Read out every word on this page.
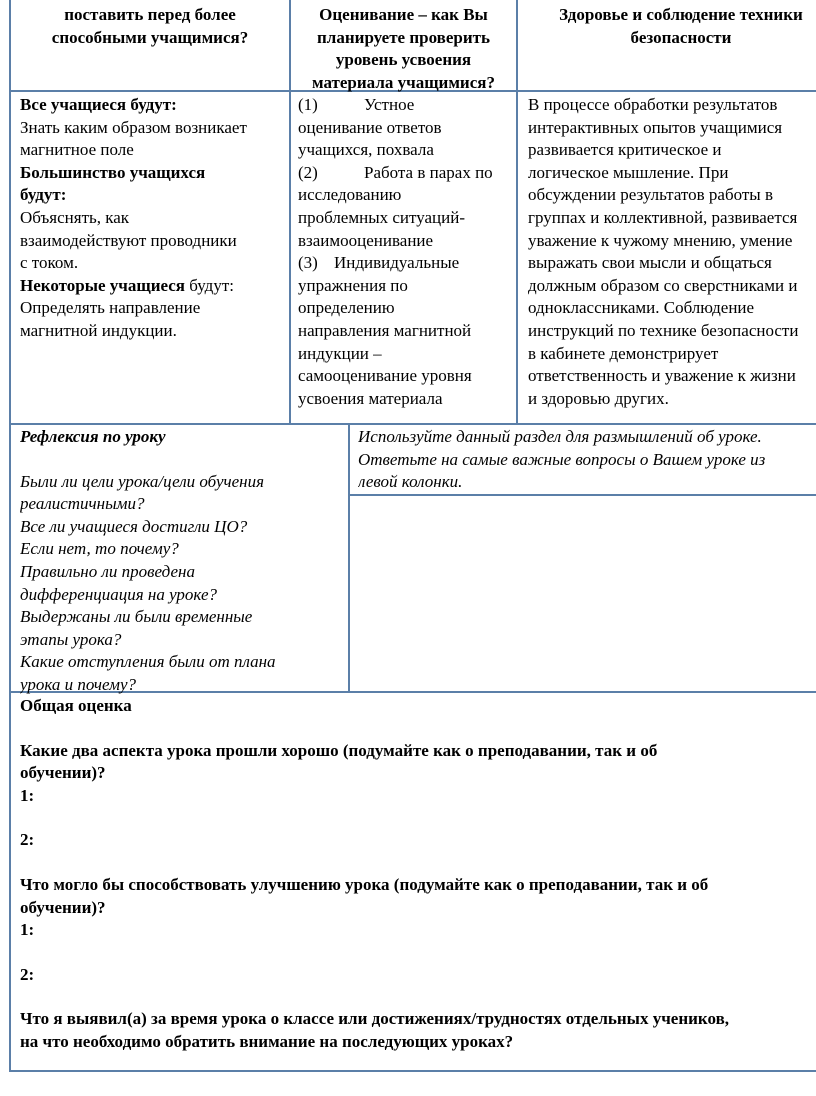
поставить перед более
способными учащимися?
Оценивание – как Вы
планируете проверить
уровень усвоения
материала учащимися?
Здоровье и соблюдение техники
безопасности
Все учащиеся будут:
Знать каким образом возникает
магнитное поле
Большинство учащихся
будут:
Объяснять, как
взаимодействуют проводники
с током.
Некоторые учащиеся будут:
Определять направление
магнитной индукции.
(1)	Устное
оценивание ответов
учащихся, похвала
(2)	Работа в парах по
исследованию
проблемных ситуаций-
взаимооценивание
(3) Индивидуальные
упражнения по
определению
направления магнитной
индукции –
самооценивание уровня
усвоения материала
В процессе обработки результатов
интерактивных опытов учащимися
развивается критическое и
логическое мышление. При
обсуждении результатов работы в
группах и коллективной, развивается
уважение к чужому мнению, умение
выражать свои мысли и общаться
должным образом со сверстниками и
одноклассниками. Соблюдение
инструкций по технике безопасности
в кабинете демонстрирует
ответственность и уважение к жизни
и здоровью других.
Рефлексия по уроку
Были ли цели урока/цели обучения
реалистичными?
Все ли учащиеся достигли ЦО?
Если нет, то почему?
Правильно ли проведена
дифференциация на уроке?
Выдержаны ли были временные
этапы урока?
Какие отступления были от плана
урока и почему?
Используйте данный раздел для размышлений об уроке.
Ответьте на самые важные вопросы о Вашем уроке из
левой колонки.
Общая оценка
Какие два аспекта урока прошли хорошо (подумайте как о преподавании, так и об
обучении)?
1:
2:
Что могло бы способствовать улучшению урока (подумайте как о преподавании, так и об
обучении)?
1:
2:
Что я выявил(а) за время урока о классе или достижениях/трудностях отдельных учеников,
на что необходимо обратить внимание на последующих уроках?
